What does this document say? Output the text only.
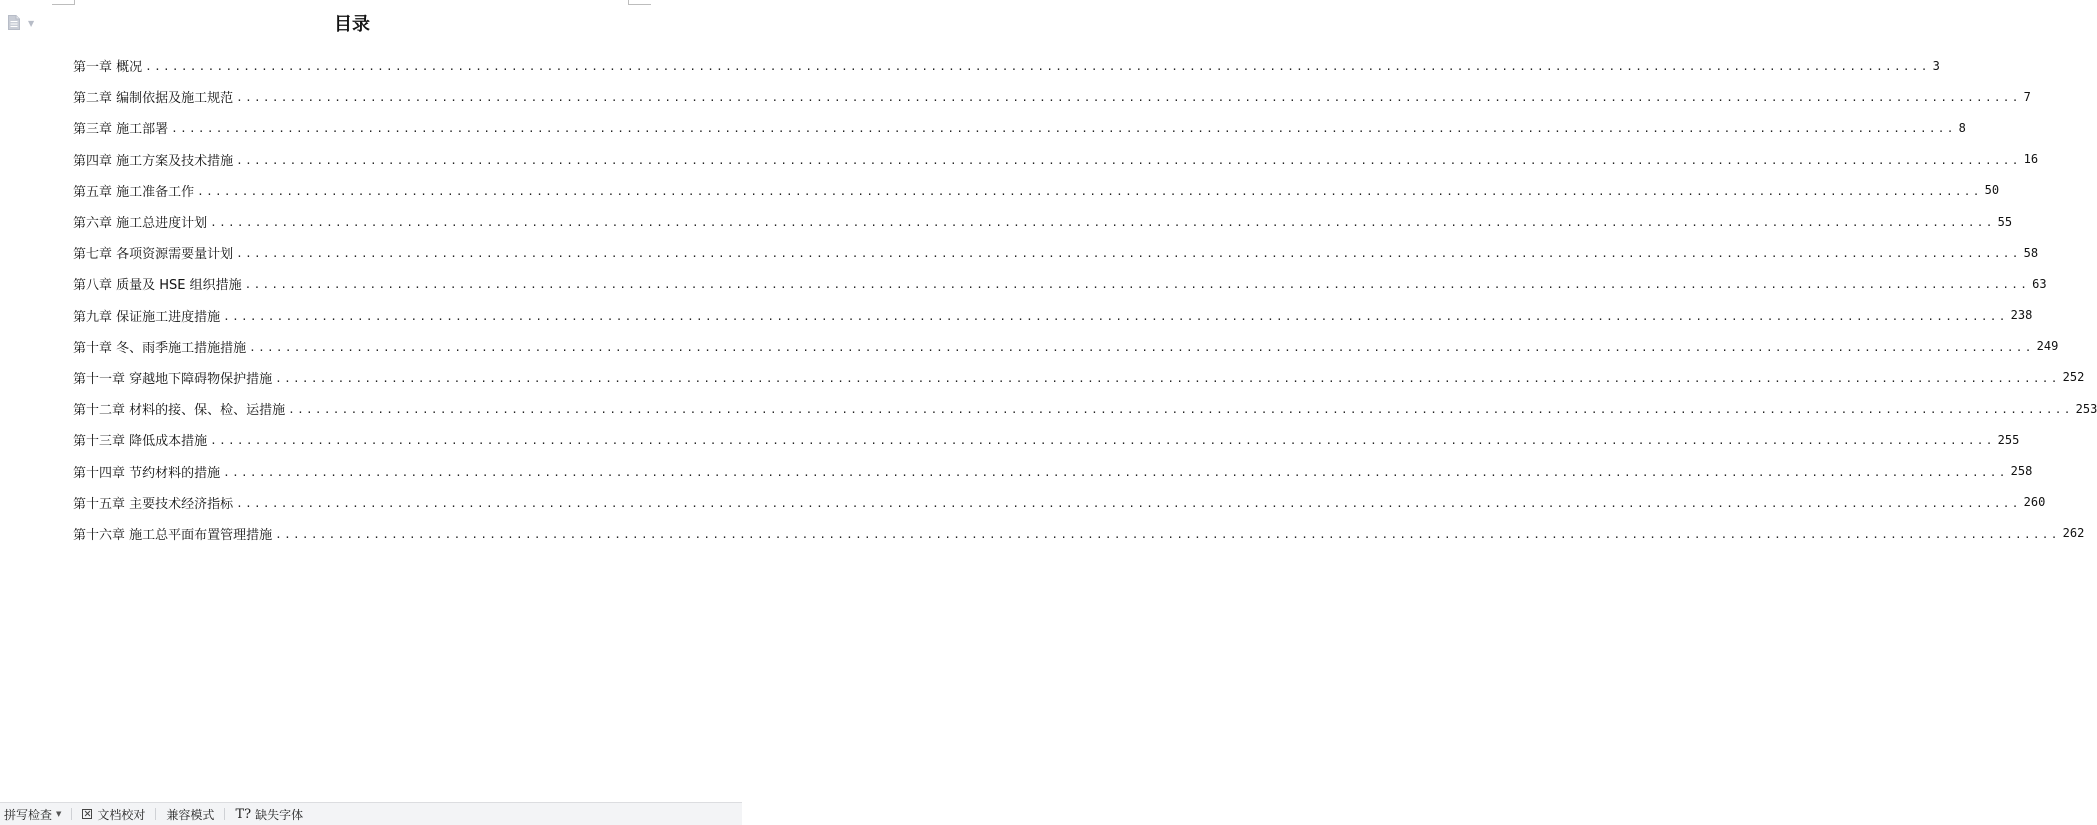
▼	目录
第一章 概况 ........................................................................................................................................................................................................ 3
第二章 编制依据及施工规范 ........................................................................................................................................................................................................ 7
第三章 施工部署 ........................................................................................................................................................................................................ 8
第四章 施工方案及技术措施 ........................................................................................................................................................................................................ 16
第五章 施工准备工作 ........................................................................................................................................................................................................ 50
第六章 施工总进度计划 ........................................................................................................................................................................................................ 55
第七章 各项资源需要量计划 ........................................................................................................................................................................................................ 58
第八章 质量及 HSE 组织措施 ........................................................................................................................................................................................................ 63
第九章 保证施工进度措施 ........................................................................................................................................................................................................ 238
第十章 冬、雨季施工措施措施 ........................................................................................................................................................................................................ 249
第十一章 穿越地下障碍物保护措施 ........................................................................................................................................................................................................ 252
第十二章 材料的接、保、检、运措施 ........................................................................................................................................................................................................ 253
第十三章 降低成本措施 ........................................................................................................................................................................................................ 255
第十四章 节约材料的措施 ........................................................................................................................................................................................................ 258
第十五章 主要技术经济指标 ........................................................................................................................................................................................................ 260
第十六章 施工总平面布置管理措施 ........................................................................................................................................................................................................ 262
拼写检查 ▼	文档校对 兼容模式 T? 缺失字体
